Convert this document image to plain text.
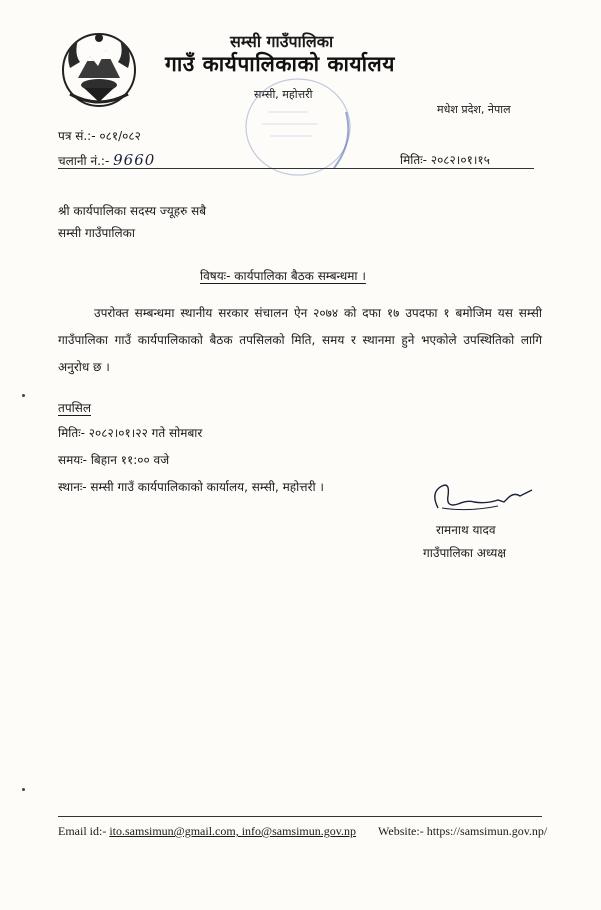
सम्सी गाउँपालिका
गाउँ कार्यपालिकाको कार्यालय
सम्सी, महोत्तरी
मधेश प्रदेश, नेपाल
पत्र सं.:- ०८१/०८२
चलानी नं.:- 9660	मितिः- २०८२।०१।१५
श्री कार्यपालिका सदस्य ज्यूहरु सबै
सम्सी गाउँपालिका
विषयः- कार्यपालिका बैठक सम्बन्धमा ।
उपरोक्त सम्बन्धमा स्थानीय सरकार संचालन ऐन २०७४ को दफा १७ उपदफा १ बमोजिम यस सम्सी गाउँपालिका गाउँ कार्यपालिकाको बैठक तपसिलको मिति, समय र स्थानमा हुने भएकोले उपस्थितिको लागि अनुरोध छ ।
तपसिल
मितिः- २०८२।०१।२२ गते सोमबार
समयः- बिहान ११:०० वजे
स्थानः- सम्सी गाउँ कार्यपालिकाको कार्यालय, सम्सी, महोत्तरी ।
रामनाथ यादव
गाउँपालिका अध्यक्ष
Email id:- ito.samsimun@gmail.com, info@samsimun.gov.np Website:- https://samsimun.gov.np/
